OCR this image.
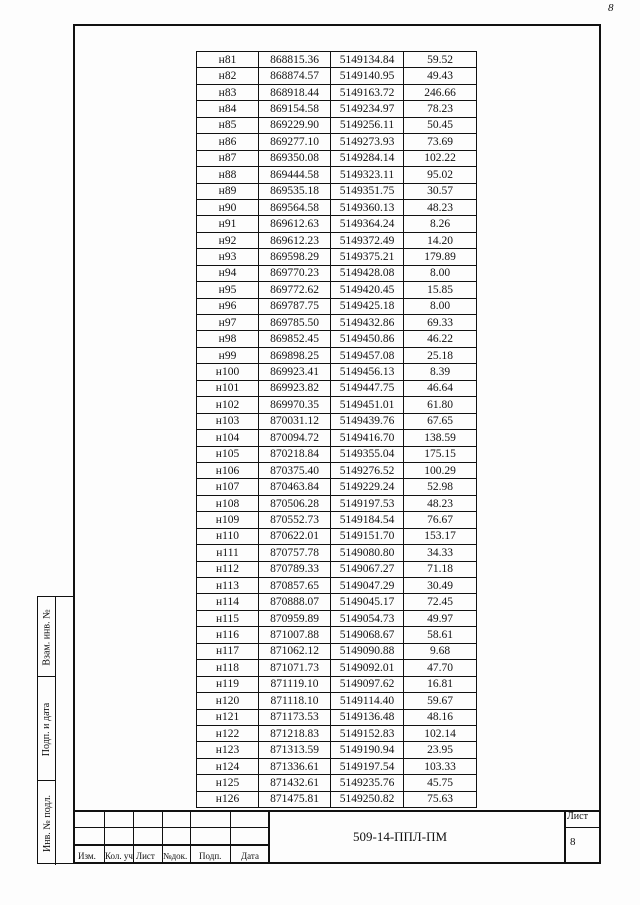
8
Взам. инв. №
Подп. и дата
Инв. № подл.
н81	868815.36	5149134.84	59.52
н82	868874.57	5149140.95	49.43
н83	868918.44	5149163.72	246.66
н84	869154.58	5149234.97	78.23
н85	869229.90	5149256.11	50.45
н86	869277.10	5149273.93	73.69
н87	869350.08	5149284.14	102.22
н88	869444.58	5149323.11	95.02
н89	869535.18	5149351.75	30.57
н90	869564.58	5149360.13	48.23
н91	869612.63	5149364.24	8.26
н92	869612.23	5149372.49	14.20
н93	869598.29	5149375.21	179.89
н94	869770.23	5149428.08	8.00
н95	869772.62	5149420.45	15.85
н96	869787.75	5149425.18	8.00
н97	869785.50	5149432.86	69.33
н98	869852.45	5149450.86	46.22
н99	869898.25	5149457.08	25.18
н100	869923.41	5149456.13	8.39
н101	869923.82	5149447.75	46.64
н102	869970.35	5149451.01	61.80
н103	870031.12	5149439.76	67.65
н104	870094.72	5149416.70	138.59
н105	870218.84	5149355.04	175.15
н106	870375.40	5149276.52	100.29
н107	870463.84	5149229.24	52.98
н108	870506.28	5149197.53	48.23
н109	870552.73	5149184.54	76.67
н110	870622.01	5149151.70	153.17
н111	870757.78	5149080.80	34.33
н112	870789.33	5149067.27	71.18
н113	870857.65	5149047.29	30.49
н114	870888.07	5149045.17	72.45
н115	870959.89	5149054.73	49.97
н116	871007.88	5149068.67	58.61
н117	871062.12	5149090.88	9.68
н118	871071.73	5149092.01	47.70
н119	871119.10	5149097.62	16.81
н120	871118.10	5149114.40	59.67
н121	871173.53	5149136.48	48.16
н122	871218.83	5149152.83	102.14
н123	871313.59	5149190.94	23.95
н124	871336.61	5149197.54	103.33
н125	871432.61	5149235.76	45.75
н126	871475.81	5149250.82	75.63
Изм. Кол. уч Лист №док. Подп. Дата
509-14-ППЛ-ПМ
Лист
8
